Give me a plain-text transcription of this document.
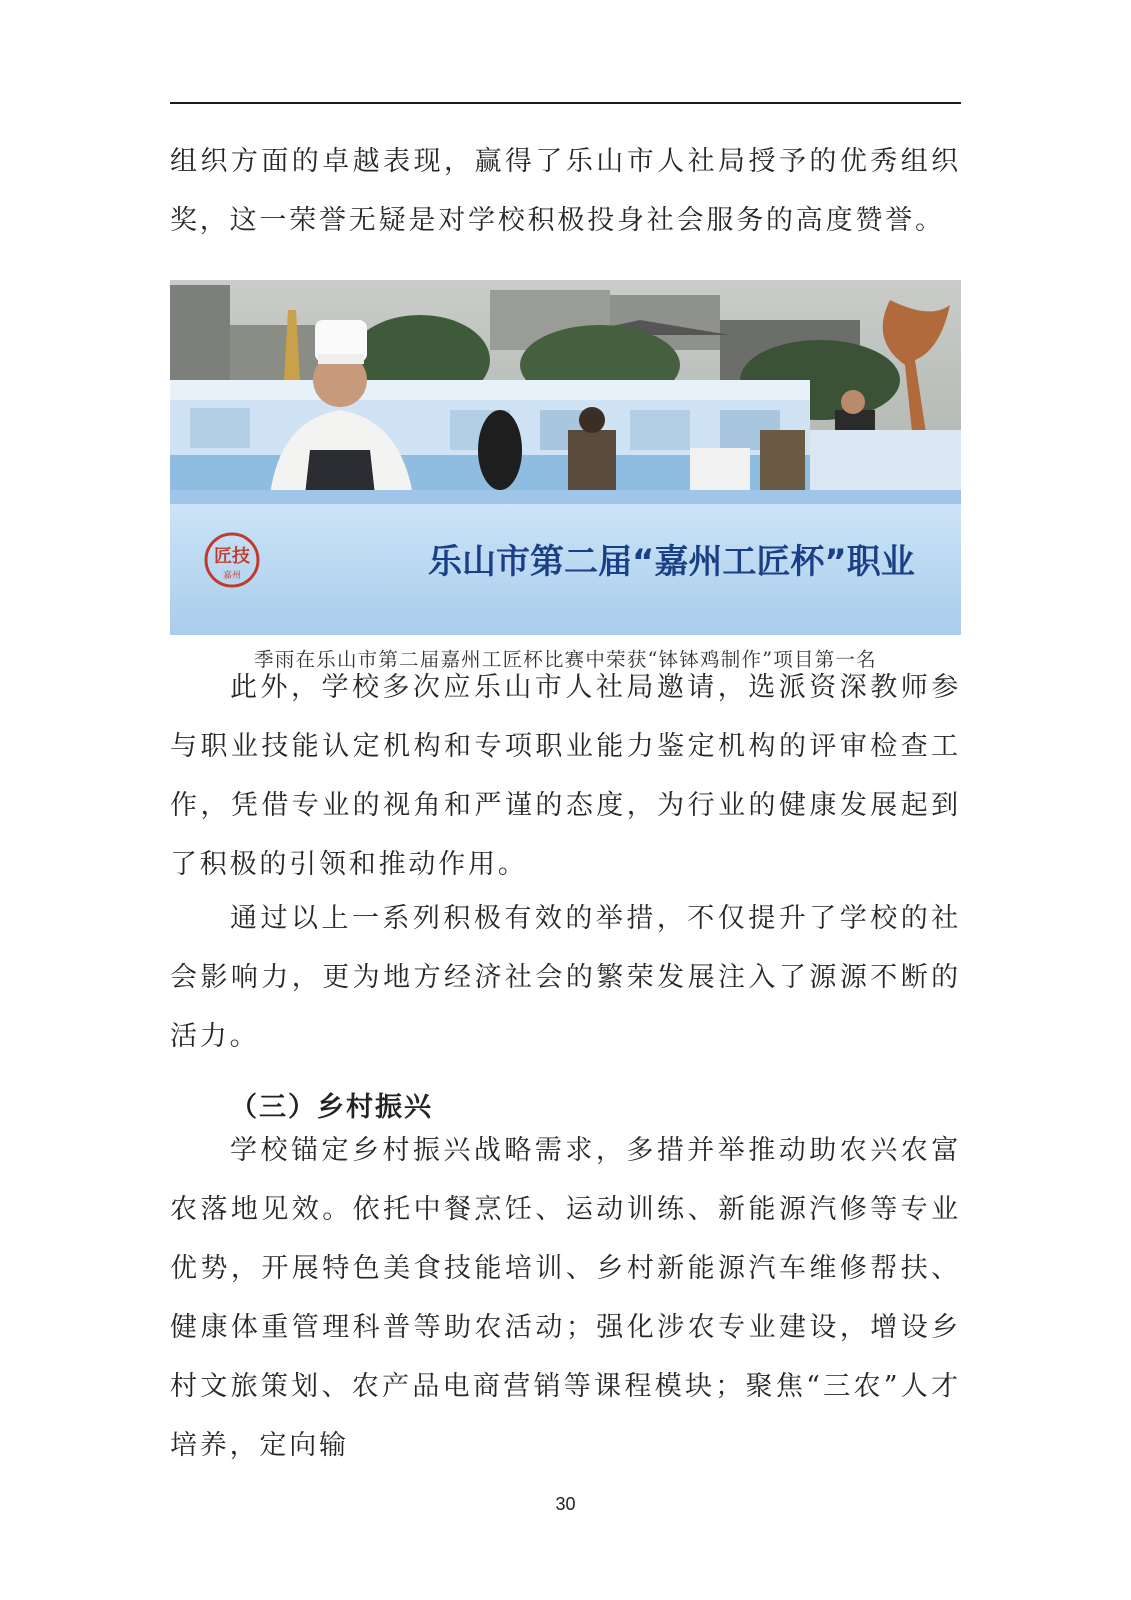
组织方面的卓越表现，赢得了乐山市人社局授予的优秀组织奖，这一荣誉无疑是对学校积极投身社会服务的高度赞誉。

匠技
嘉州	乐山市第二届“嘉州工匠杯”职业
季雨在乐山市第二届嘉州工匠杯比赛中荣获“钵钵鸡制作”项目第一名

此外，学校多次应乐山市人社局邀请，选派资深教师参与职业技能认定机构和专项职业能力鉴定机构的评审检查工作，凭借专业的视角和严谨的态度，为行业的健康发展起到了积极的引领和推动作用。

通过以上一系列积极有效的举措，不仅提升了学校的社会影响力，更为地方经济社会的繁荣发展注入了源源不断的活力。

（三）乡村振兴

学校锚定乡村振兴战略需求，多措并举推动助农兴农富农落地见效。依托中餐烹饪、运动训练、新能源汽修等专业优势，开展特色美食技能培训、乡村新能源汽车维修帮扶、健康体重管理科普等助农活动；强化涉农专业建设，增设乡村文旅策划、农产品电商营销等课程模块；聚焦“三农”人才培养，定向输

30
